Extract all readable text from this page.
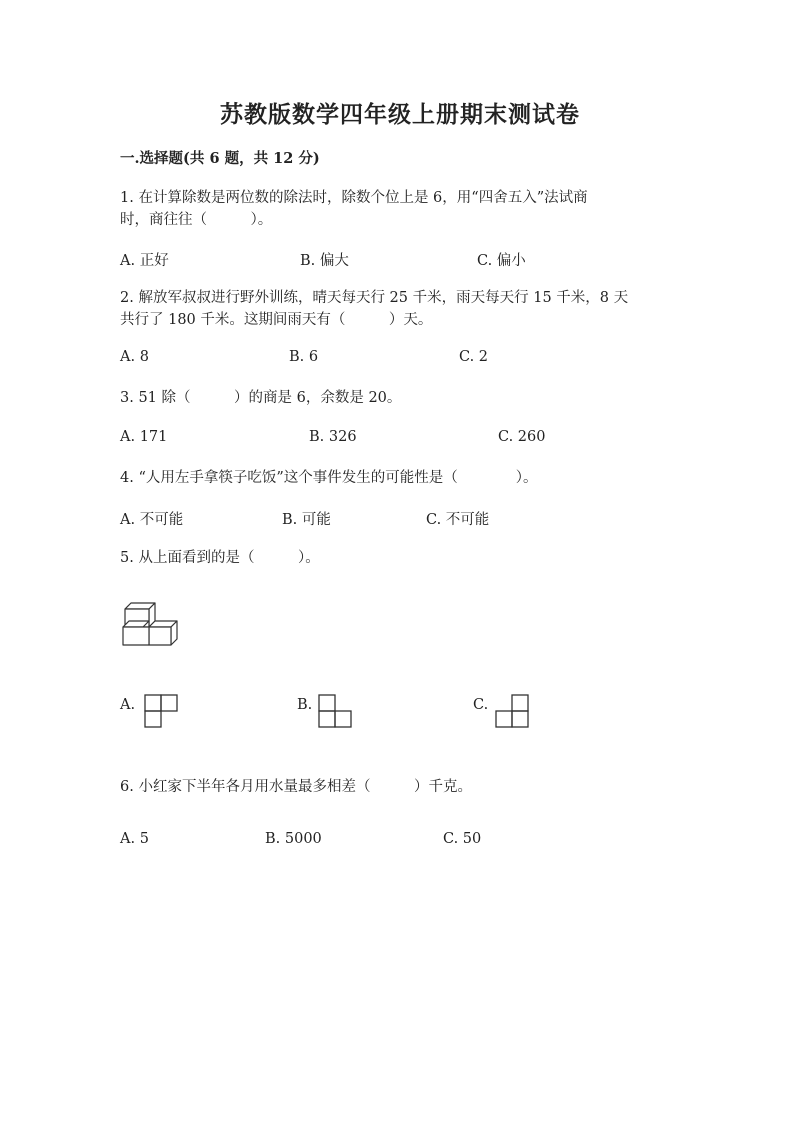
苏教版数学四年级上册期末测试卷
一.选择题(共 6 题，共 12 分)
1. 在计算除数是两位数的除法时，除数个位上是 6，用“四舍五入”法试商
时，商往往（　　　）。
A. 正好	B. 偏大	C. 偏小
2. 解放军叔叔进行野外训练，晴天每天行 25 千米，雨天每天行 15 千米，8 天
共行了 180 千米。这期间雨天有（　　　）天。
A. 8	B. 6	C. 2
3. 51 除（　　　）的商是 6，余数是 20。
A. 171	B. 326	C. 260
4. “人用左手拿筷子吃饭”这个事件发生的可能性是（　　　　）。
A. 不可能	B. 可能	C. 不可能
5. 从上面看到的是（　　　）。
A.	B.	C.
6. 小红家下半年各月用水量最多相差（　　　）千克。
A. 5	B. 5000	C. 50
